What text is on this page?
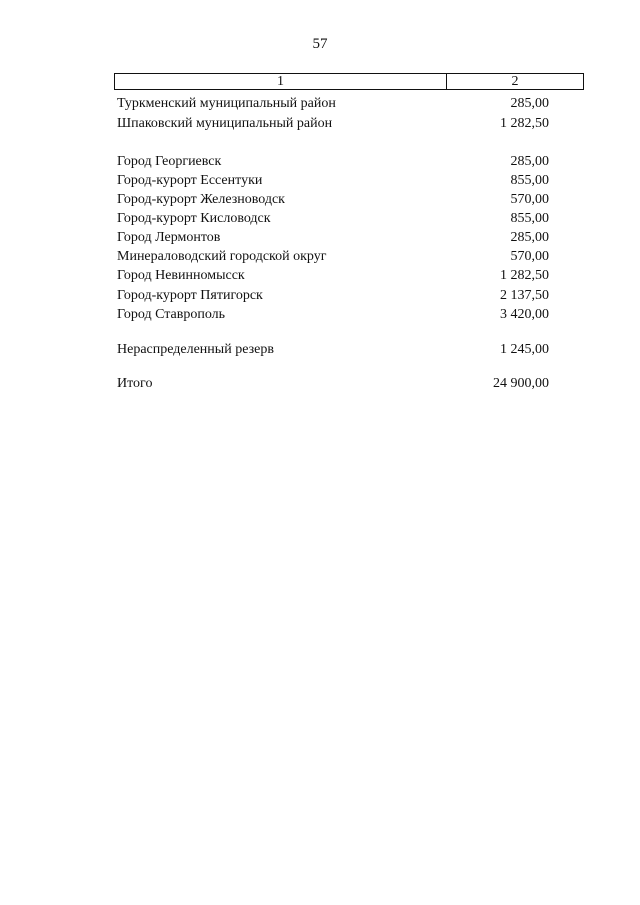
57
1	2
Туркменский муниципальный район	285,00
Шпаковский муниципальный район	1 282,50
Город Георгиевск	285,00
Город-курорт Ессентуки	855,00
Город-курорт Железноводск	570,00
Город-курорт Кисловодск	855,00
Город Лермонтов	285,00
Минераловодский городской округ	570,00
Город Невинномысск	1 282,50
Город-курорт Пятигорск	2 137,50
Город Ставрополь	3 420,00
Нераспределенный резерв	1 245,00
Итого	24 900,00
